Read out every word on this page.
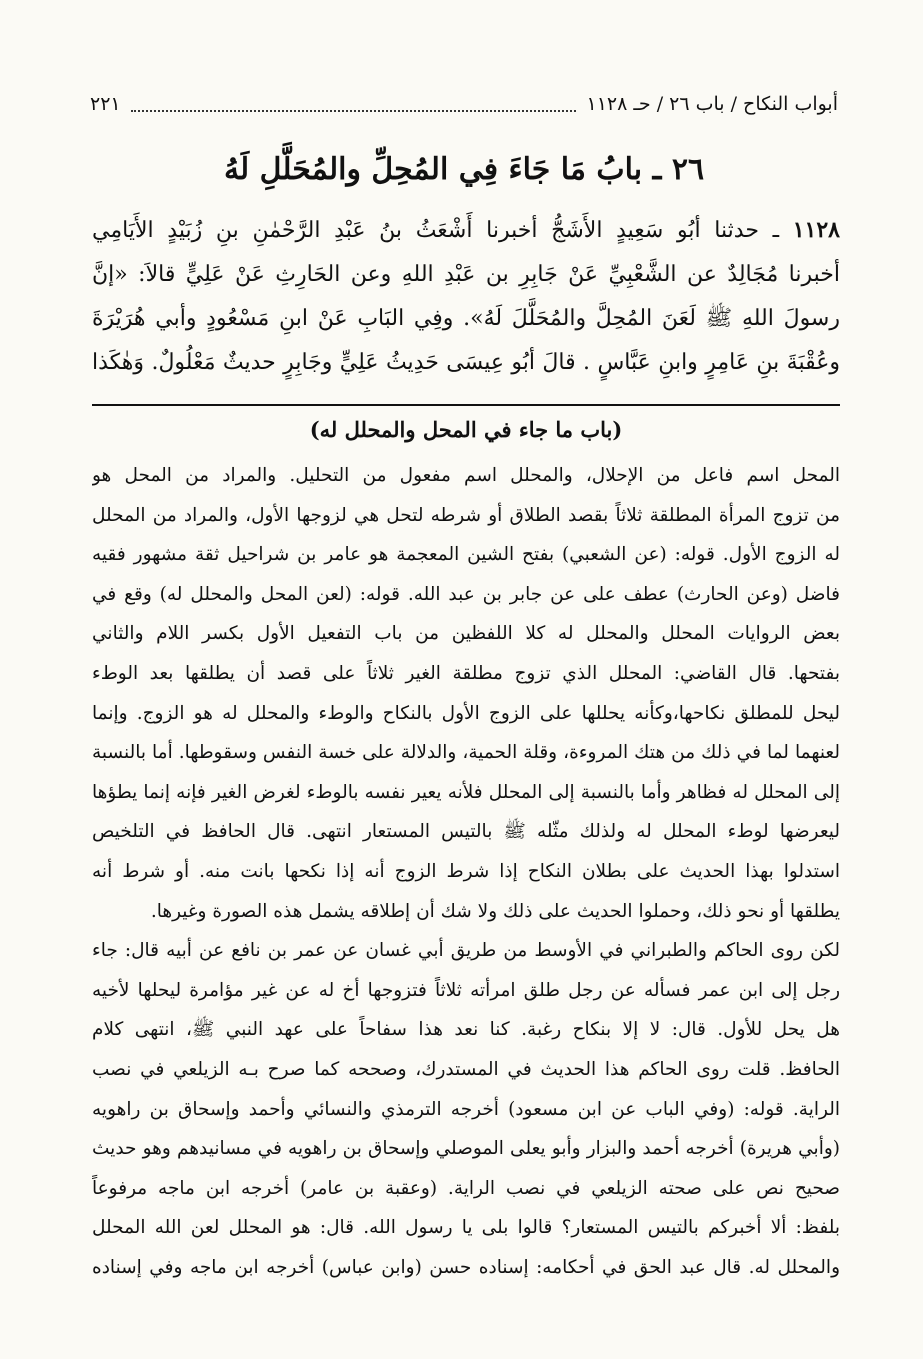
أبواب النكاح / باب ٢٦ / حـ ١١٢٨
٢٢١
٢٦ ـ بابُ مَا جَاءَ فِي المُحِلِّ والمُحَلَّلِ لَهُ

١١٢٨ ـ حدثنا أبُو سَعِيدٍ الأَشَجُّ أخبرنا أَشْعَثُ بنُ عَبْدِ الرَّحْمٰنِ بنِ زُبَيْدٍ الأَيَامِي

أخبرنا مُجَالِدٌ عن الشَّعْبِيِّ عَنْ جَابِرِ بن عَبْدِ اللهِ وعن الحَارِثِ عَنْ عَلِيٍّ قالاَ: «إنَّ

رسولَ اللهِ ﷺ لَعَنَ المُحِلَّ والمُحَلَّلَ لَهُ». وفِي البَابِ عَنْ ابنِ مَسْعُودٍ وأبي هُرَيْرَةَ

وعُقْبَةَ بنِ عَامِرٍ وابنِ عَبَّاسٍ . قالَ أبُو عِيسَى حَدِيثُ عَلِيٍّ وجَابِرٍ حديثٌ مَعْلُولٌ. وَهٰكَذا

(باب ما جاء في المحل والمحلل له)
المحل اسم فاعل من الإحلال، والمحلل اسم مفعول من التحليل. والمراد من المحل هو
من تزوج المرأة المطلقة ثلاثاً بقصد الطلاق أو شرطه لتحل هي لزوجها الأول، والمراد من المحلل
له الزوج الأول. قوله: (عن الشعبي) بفتح الشين المعجمة هو عامر بن شراحيل ثقة مشهور فقيه
فاضل (وعن الحارث) عطف على عن جابر بن عبد الله. قوله: (لعن المحل والمحلل له) وقع في
بعض الروايات المحلل والمحلل له كلا اللفظين من باب التفعيل الأول بكسر اللام والثاني
بفتحها. قال القاضي: المحلل الذي تزوج مطلقة الغير ثلاثاً على قصد أن يطلقها بعد الوطء
ليحل للمطلق نكاحها،وكأنه يحللها على الزوج الأول بالنكاح والوطء والمحلل له هو الزوج. وإنما
لعنهما لما في ذلك من هتك المروءة، وقلة الحمية، والدلالة على خسة النفس وسقوطها. أما بالنسبة
إلى المحلل له فظاهر وأما بالنسبة إلى المحلل فلأنه يعير نفسه بالوطء لغرض الغير فإنه إنما يطؤها
ليعرضها لوطء المحلل له ولذلك مثّله ﷺ بالتيس المستعار انتهى. قال الحافظ في التلخيص
استدلوا بهذا الحديث على بطلان النكاح إذا شرط الزوج أنه إذا نكحها بانت منه. أو شرط أنه
يطلقها أو نحو ذلك، وحملوا الحديث على ذلك ولا شك أن إطلاقه يشمل هذه الصورة وغيرها.
لكن روى الحاكم والطبراني في الأوسط من طريق أبي غسان عن عمر بن نافع عن أبيه قال: جاء
رجل إلى ابن عمر فسأله عن رجل طلق امرأته ثلاثاً فتزوجها أخ له عن غير مؤامرة ليحلها لأخيه
هل يحل للأول. قال: لا إلا بنكاح رغبة. كنا نعد هذا سفاحاً على عهد النبي ﷺ، انتهى كلام
الحافظ. قلت روى الحاكم هذا الحديث في المستدرك، وصححه كما صرح بـه الزيلعي في نصب
الراية. قوله: (وفي الباب عن ابن مسعود) أخرجه الترمذي والنسائي وأحمد وإسحاق بن راهويه
(وأبي هريرة) أخرجه أحمد والبزار وأبو يعلى الموصلي وإسحاق بن راهويه في مسانيدهم وهو حديث
صحيح نص على صحته الزيلعي في نصب الراية. (وعقبة بن عامر) أخرجه ابن ماجه مرفوعاً
بلفظ: ألا أخبركم بالتيس المستعار؟ قالوا بلى يا رسول الله. قال: هو المحلل لعن الله المحلل
والمحلل له. قال عبد الحق في أحكامه: إسناده حسن (وابن عباس) أخرجه ابن ماجه وفي إسناده
